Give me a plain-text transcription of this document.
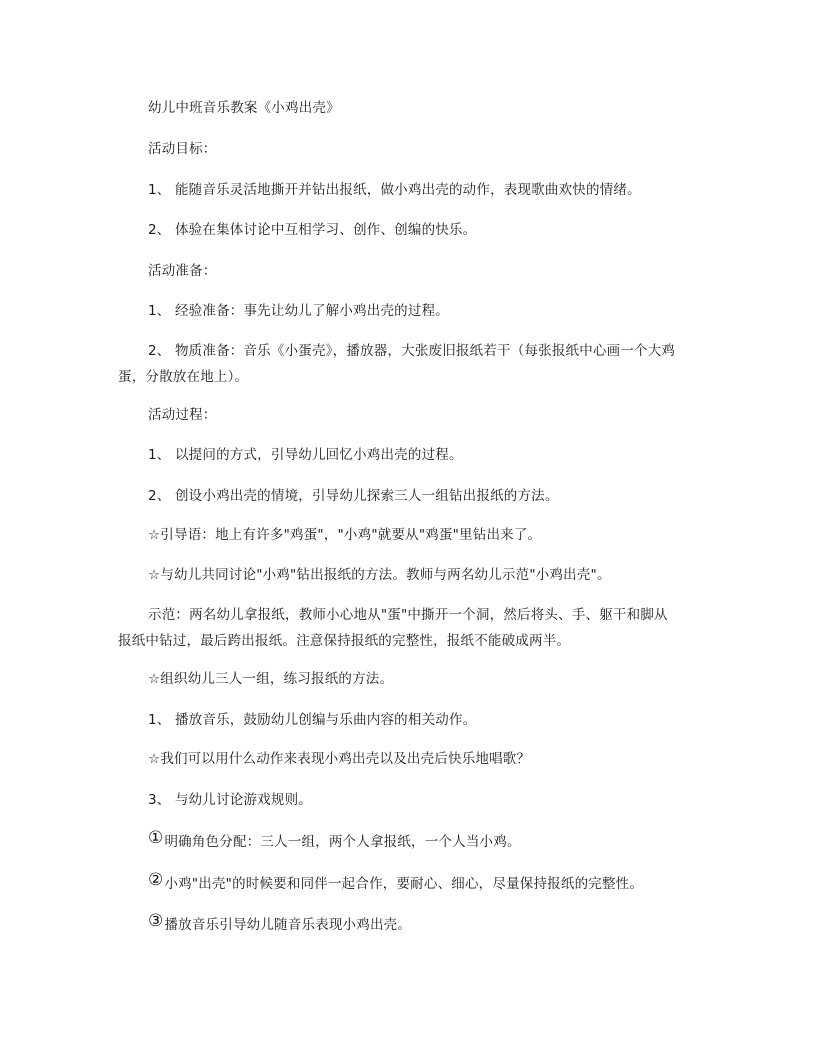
幼儿中班音乐教案《小鸡出壳》
活动目标：
1、 能随音乐灵活地撕开并钻出报纸，做小鸡出壳的动作，表现歌曲欢快的情绪。
2、 体验在集体讨论中互相学习、创作、创编的快乐。
活动准备：
1、 经验准备：事先让幼儿了解小鸡出壳的过程。
2、 物质准备：音乐《小蛋壳》，播放器，大张废旧报纸若干（每张报纸中心画一个大鸡
蛋，分散放在地上）。
活动过程：
1、 以提问的方式，引导幼儿回忆小鸡出壳的过程。
2、 创设小鸡出壳的情境，引导幼儿探索三人一组钻出报纸的方法。
☆引导语：地上有许多"鸡蛋"，"小鸡"就要从"鸡蛋"里钻出来了。
☆与幼儿共同讨论"小鸡"钻出报纸的方法。教师与两名幼儿示范"小鸡出壳"。
示范：两名幼儿拿报纸，教师小心地从"蛋"中撕开一个洞，然后将头、手、躯干和脚从
报纸中钻过，最后跨出报纸。注意保持报纸的完整性，报纸不能破成两半。
☆组织幼儿三人一组，练习报纸的方法。
1、 播放音乐，鼓励幼儿创编与乐曲内容的相关动作。
☆我们可以用什么动作来表现小鸡出壳以及出壳后快乐地唱歌？
3、 与幼儿讨论游戏规则。
①明确角色分配：三人一组，两个人拿报纸，一个人当小鸡。
②小鸡"出壳"的时候要和同伴一起合作，要耐心、细心，尽量保持报纸的完整性。
③播放音乐引导幼儿随音乐表现小鸡出壳。
